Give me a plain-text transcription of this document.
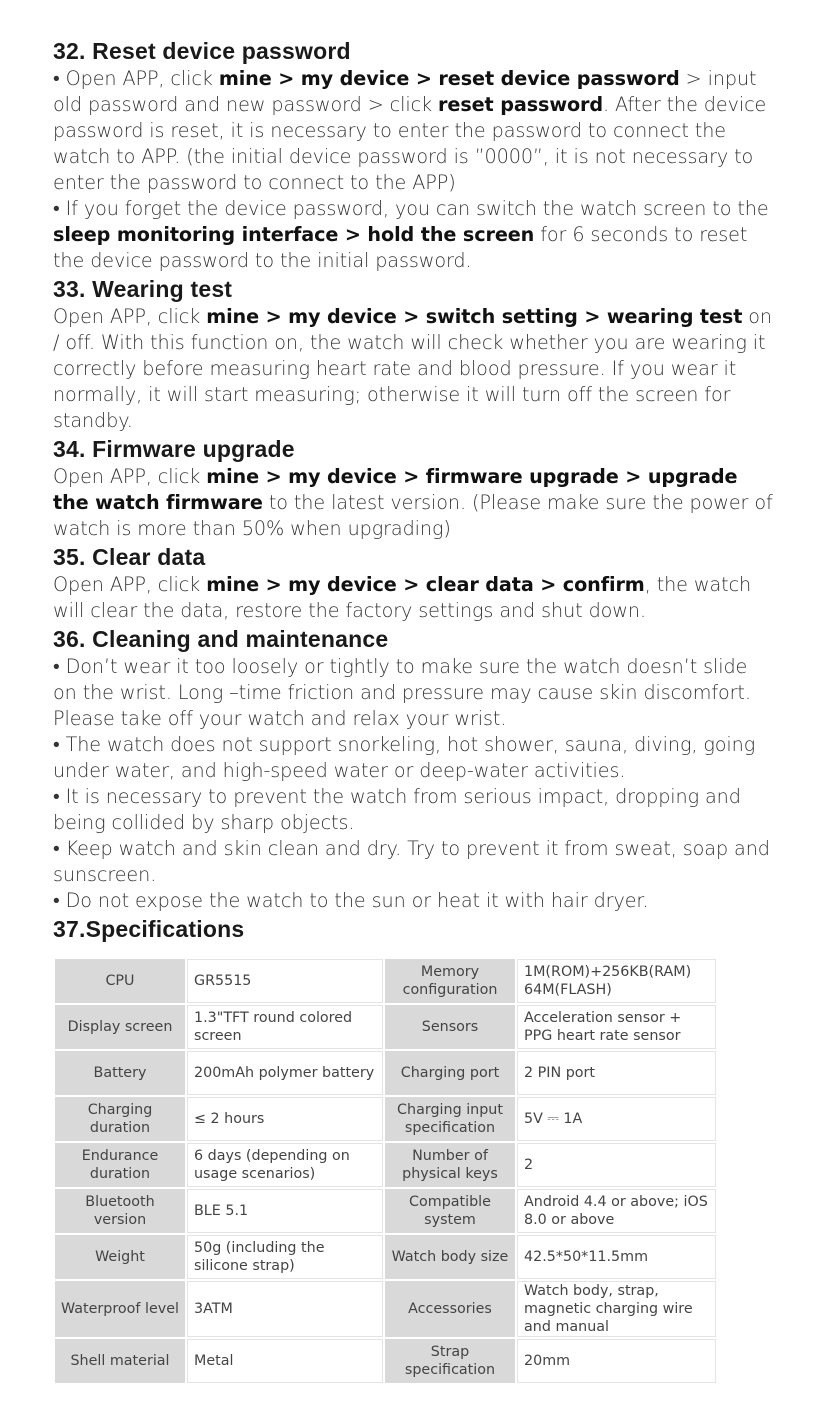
32. Reset device password

• Open APP, click mine > my device > reset device password > input old password and new password > click reset password. After the device password is reset, it is necessary to enter the password to connect the watch to APP. (the initial device password is ”0000”, it is not necessary to enter the password to connect to the APP)

• If you forget the device password, you can switch the watch screen to the sleep monitoring interface > hold the screen for 6 seconds to reset the device password to the initial password.

33. Wearing test

Open APP, click mine > my device > switch setting > wearing test on / off. With this function on, the watch will check whether you are wearing it correctly before measuring heart rate and blood pressure. If you wear it normally, it will start measuring; otherwise it will turn off the screen for standby.

34. Firmware upgrade

Open APP, click mine > my device > firmware upgrade > upgrade the watch firmware to the latest version. (Please make sure the power of watch is more than 50% when upgrading)

35. Clear data

Open APP, click mine > my device > clear data > confirm, the watch will clear the data, restore the factory settings and shut down.

36. Cleaning and maintenance

• Don’t wear it too loosely or tightly to make sure the watch doesn’t slide on the wrist. Long –time friction and pressure may cause skin discomfort. Please take off your watch and relax your wrist.

• The watch does not support snorkeling, hot shower, sauna, diving, going under water, and high-speed water or deep-water activities.

• It is necessary to prevent the watch from serious impact, dropping and being collided by sharp objects.

• Keep watch and skin clean and dry. Try to prevent it from sweat, soap and sunscreen.

• Do not expose the watch to the sun or heat it with hair dryer.

37.Specifications
CPU	GR5515	Memory configuration	1M(ROM)+256KB(RAM) 64M(FLASH)
Display screen	1.3"TFT round colored screen	Sensors	Acceleration sensor + PPG heart rate sensor
Battery	200mAh polymer battery	Charging port	2 PIN port
Charging duration	≤ 2 hours	Charging input specification	5V ⎓ 1A
Endurance duration	6 days (depending on usage scenarios)	Number of physical keys	2
Bluetooth version	BLE 5.1	Compatible system	Android 4.4 or above; iOS 8.0 or above
Weight	50g (including the silicone strap)	Watch body size	42.5*50*11.5mm
Waterproof level	3ATM	Accessories	Watch body, strap, magnetic charging wire and manual
Shell material	Metal	Strap specification	20mm
